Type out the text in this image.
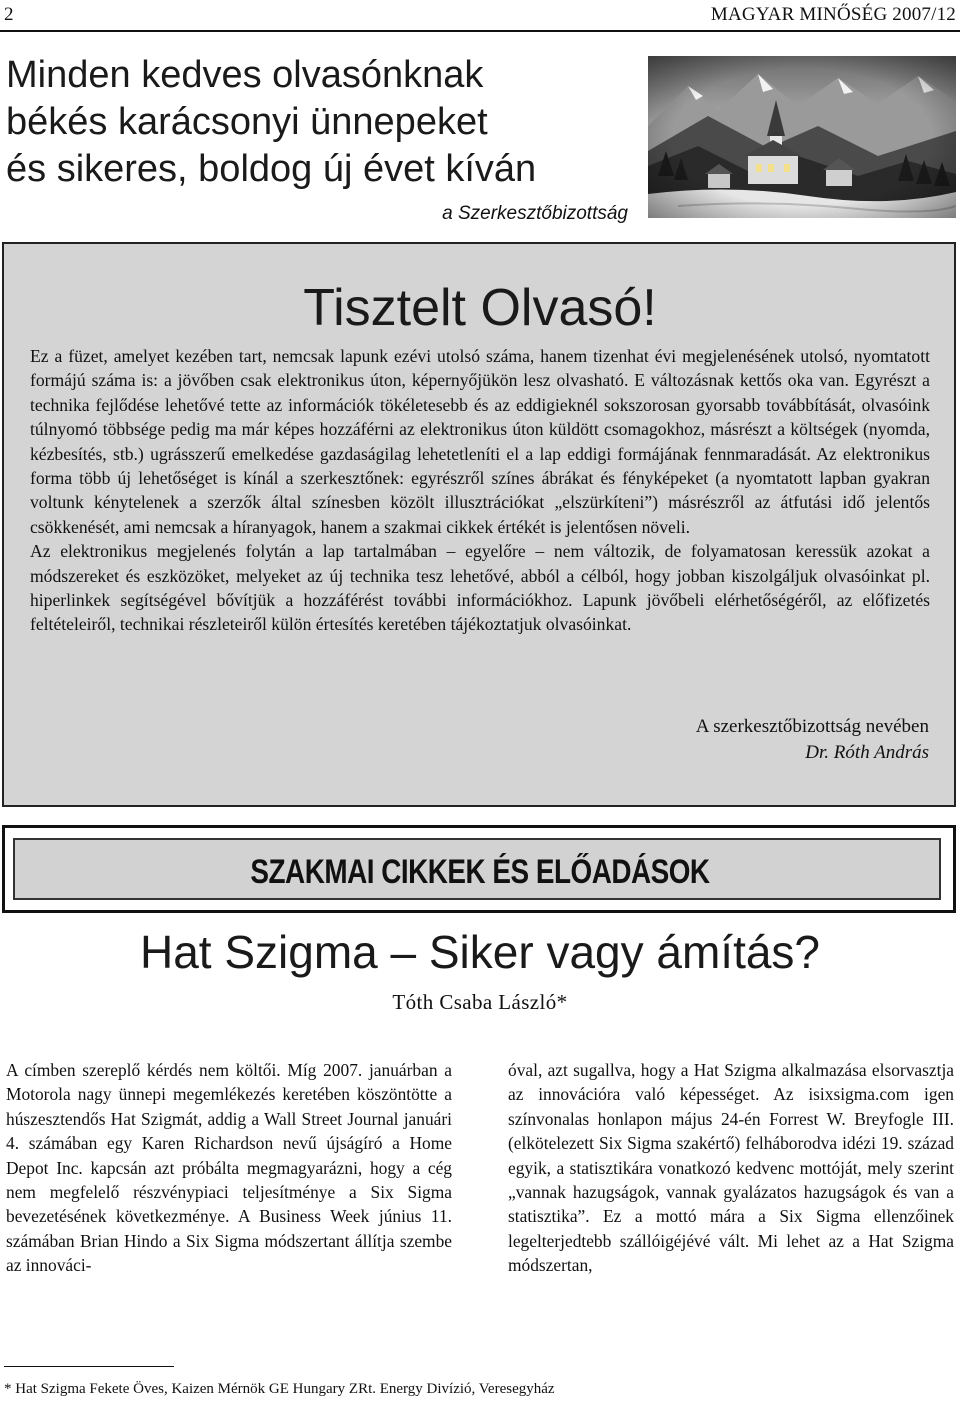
2	MAGYAR MINŐSÉG 2007/12
Minden kedves olvasónknak
békés karácsonyi ünnepeket
és sikeres, boldog új évet kíván
a Szerkesztőbizottság
Tisztelt Olvasó!

Ez a füzet, amelyet kezében tart, nemcsak lapunk ezévi utolsó száma, hanem tizenhat évi megjelenésének utolsó, nyomtatott formájú száma is: a jövőben csak elektronikus úton, képernyőjükön lesz olvasható. E változásnak kettős oka van. Egyrészt a technika fejlődése lehetővé tette az információk tökéletesebb és az eddigieknél sokszorosan gyorsabb továbbítását, olvasóink túlnyomó többsége pedig ma már képes hozzáférni az elektronikus úton küldött csomagokhoz, másrészt a költségek (nyomda, kézbesítés, stb.) ugrásszerű emelkedése gazdaságilag lehetetleníti el a lap eddigi formájának fennmaradását. Az elektronikus forma több új lehetőséget is kínál a szerkesztőnek: egyrészről színes ábrákat és fényképeket (a nyomtatott lapban gyakran voltunk kénytelenek a szerzők által színesben közölt illusztrációkat „elszürkíteni”) másrészről az átfutási idő jelentős csökkenését, ami nemcsak a híranyagok, hanem a szakmai cikkek értékét is jelentősen növeli.

Az elektronikus megjelenés folytán a lap tartalmában – egyelőre – nem változik, de folyamatosan keressük azokat a módszereket és eszközöket, melyeket az új technika tesz lehetővé, abból a célból, hogy jobban kiszolgáljuk olvasóinkat pl. hiperlinkek segítségével bővítjük a hozzáférést további információkhoz. Lapunk jövőbeli elérhetőségéről, az előfizetés feltételeiről, technikai részleteiről külön értesítés keretében tájékoztatjuk olvasóinkat.

A szerkesztőbizottság nevében
Dr. Róth András
SZAKMAI CIKKEK ÉS ELŐADÁSOK
Hat Szigma – Siker vagy ámítás?
Tóth Csaba László*

A címben szereplő kérdés nem költői. Míg 2007. januárban a Motorola nagy ünnepi megemlékezés keretében köszöntötte a húszesztendős Hat Szigmát, addig a Wall Street Journal januári 4. számában egy Karen Richardson nevű újságíró a Home Depot Inc. kapcsán azt próbálta megmagyarázni, hogy a cég nem megfelelő részvénypiaci teljesítménye a Six Sigma bevezetésének következménye. A Business Week június 11. számában Brian Hindo a Six Sigma módszertant állítja szembe az innováci-

óval, azt sugallva, hogy a Hat Szigma alkalmazása elsorvasztja az innovációra való képességet. Az isixsigma.com igen színvonalas honlapon május 24-én Forrest W. Breyfogle III. (elkötelezett Six Sigma szakértő) felháborodva idézi 19. század egyik, a statisztikára vonatkozó kedvenc mottóját, mely szerint „vannak hazugságok, vannak gyalázatos hazugságok és van a statisztika”. Ez a mottó mára a Six Sigma ellenzőinek legelterjedtebb szállóigéjévé vált. Mi lehet az a Hat Szigma módszertan,

* Hat Szigma Fekete Öves, Kaizen Mérnök GE Hungary ZRt. Energy Divízió, Veresegyház
